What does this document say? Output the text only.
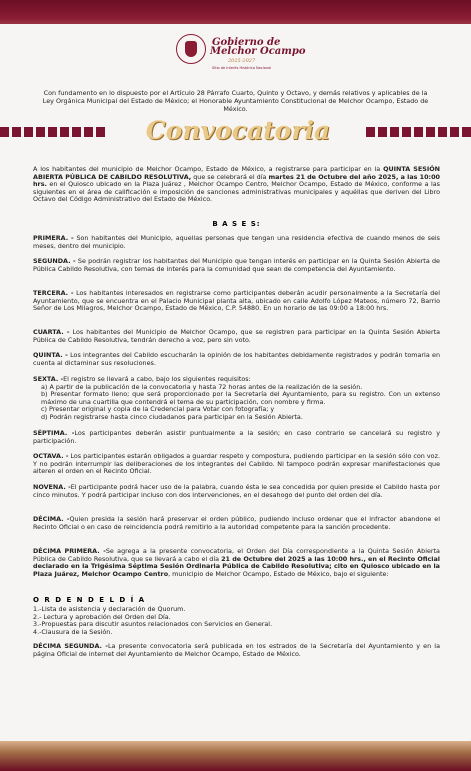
Gobierno de
Melchor Ocampo
2025-2027
Sitio de Interés Histórico Nacional
Con fundamento en lo dispuesto por el Artículo 28 Párrafo Cuarto, Quinto y Octavo, y demás relativos y aplicables de la Ley Orgánica Municipal del Estado de México; el Honorable Ayuntamiento Constitucional de Melchor Ocampo, Estado de México.
Convocatoria
A los habitantes del municipio de Melchor Ocampo, Estado de México, a registrarse para participar en la QUINTA SESIÓN ABIERTA PÚBLICA DE CABILDO RESOLUTIVA, que se celebrará el día martes 21 de Octubre del año 2025, a las 10:00 hrs. en el Quiosco ubicado en la Plaza Juárez , Melchor Ocampo Centro, Melchor Ocampo, Estado de México, conforme a las siguientes en el área de calificación e imposición de sanciones administrativas municipales y aquéllas que deriven del Libro Octavo del Código Administrativo del Estado de México.
B A S E S:
PRIMERA. - Son habitantes del Municipio, aquellas personas que tengan una residencia efectiva de cuando menos de seis meses, dentro del municipio.
SEGUNDA. - Se podrán registrar los habitantes del Municipio que tengan interés en participar en la Quinta Sesión Abierta de Pública Cabildo Resolutiva, con temas de interés para la comunidad que sean de competencia del Ayuntamiento.
TERCERA. - Los habitantes interesados en registrarse como participantes deberán acudir personalmente a la Secretaría del Ayuntamiento, que se encuentra en el Palacio Municipal planta alta, ubicado en calle Adolfo López Mateos, número 72, Barrio Señor de Los Milagros, Melchor Ocampo, Estado de México, C.P. 54880. En un horario de las 09:00 a 18:00 hrs.
CUARTA. - Los habitantes del Municipio de Melchor Ocampo, que se registren para participar en la Quinta Sesión Abierta Pública de Cabildo Resolutiva, tendrán derecho a voz, pero sin voto.
QUINTA. - Los integrantes del Cabildo escucharán la opinión de los habitantes debidamente registrados y podrán tomarla en cuenta al dictaminar sus resoluciones.
SEXTA. -El registro se llevará a cabo, bajo los siguientes requisitos:
a) A partir de la publicación de la convocatoria y hasta 72 horas antes de la realización de la sesión.
b) Presentar formato lleno; que será proporcionado por la Secretaría del Ayuntamiento, para su registro. Con un extenso máximo de una cuartilla que contendrá el tema de su participación, con nombre y firma.
c) Presentar original y copia de la Credencial para Votar con fotografía; y
d) Podrán registrarse hasta cinco ciudadanos para participar en la Sesión Abierta.
SÉPTIMA. -Los participantes deberán asistir puntualmente a la sesión; en caso contrario se cancelará su registro y participación.
OCTAVA. - Los participantes estarán obligados a guardar respeto y compostura, pudiendo participar en la sesión sólo con voz. Y no podrán interrumpir las deliberaciones de los integrantes del Cabildo. Ni tampoco podrán expresar manifestaciones que alteren el orden en el Recinto Oficial.
NOVENA. -El participante podrá hacer uso de la palabra, cuando ésta le sea concedida por quien preside el Cabildo hasta por cinco minutos. Y podrá participar incluso con dos intervenciones, en el desahogo del punto del orden del día.
DÉCIMA. -Quien presida la sesión hará preservar el orden público, pudiendo incluso ordenar que el infractor abandone el Recinto Oficial o en caso de reincidencia podrá remitirlo a la autoridad competente para la sanción procedente.
DÉCIMA PRIMERA. -Se agrega a la presente convocatoria, el Orden del Día correspondiente a la Quinta Sesión Abierta Pública de Cabildo Resolutiva, que se llevará a cabo el día 21 de Octubre del 2025 a las 10:00 hrs., en el Recinto Oficial declarado en la Trigésima Séptima Sesión Ordinaria Pública de Cabildo Resolutiva; cito en Quiosco ubicado en la Plaza Juárez, Melchor Ocampo Centro, municipio de Melchor Ocampo, Estado de México, bajo el siguiente:
O R D E N D E L D Í A
1.-Lista de asistencia y declaración de Quorum.
2.- Lectura y aprobación del Orden del Día.
3.-Propuestas para discutir asuntos relacionados con Servicios en General.
4.-Clausura de la Sesión.
DÉCIMA SEGUNDA. -La presente convocatoria será publicada en los estrados de la Secretaría del Ayuntamiento y en la página Oficial de internet del Ayuntamiento de Melchor Ocampo, Estado de México.
